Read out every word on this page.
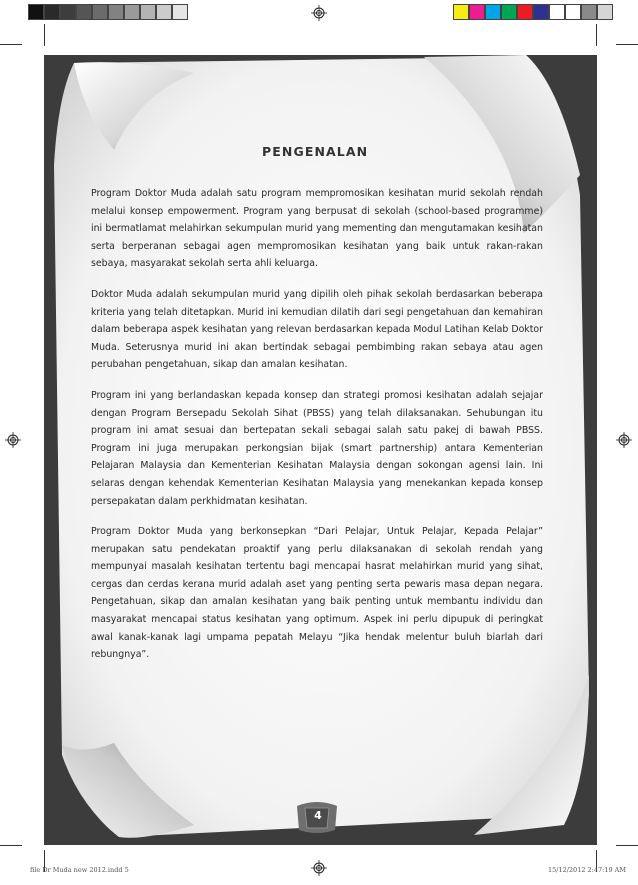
PENGENALAN

Program Doktor Muda adalah satu program mempromosikan kesihatan murid sekolah rendah melalui konsep empowerment. Program yang berpusat di sekolah (school-based programme) ini bermatlamat melahirkan sekumpulan murid yang mementing dan mengutamakan kesihatan serta berperanan sebagai agen mempromosikan kesihatan yang baik untuk rakan-rakan sebaya, masyarakat sekolah serta ahli keluarga.

Doktor Muda adalah sekumpulan murid yang dipilih oleh pihak sekolah berdasarkan beberapa kriteria yang telah ditetapkan. Murid ini kemudian dilatih dari segi pengetahuan dan kemahiran dalam beberapa aspek kesihatan yang relevan berdasarkan kepada Modul Latihan Kelab Doktor Muda. Seterusnya murid ini akan bertindak sebagai pembimbing rakan sebaya atau agen perubahan pengetahuan, sikap dan amalan kesihatan.

Program ini yang berlandaskan kepada konsep dan strategi promosi kesihatan adalah sejajar dengan Program Bersepadu Sekolah Sihat (PBSS) yang telah dilaksanakan. Sehubungan itu program ini amat sesuai dan bertepatan sekali sebagai salah satu pakej di bawah PBSS. Program ini juga merupakan perkongsian bijak (smart partnership) antara Kementerian Pelajaran Malaysia dan Kementerian Kesihatan Malaysia dengan sokongan agensi lain. Ini selaras dengan kehendak Kementerian Kesihatan Malaysia yang menekankan kepada konsep persepakatan dalam perkhidmatan kesihatan.

Program Doktor Muda yang berkonsepkan “Dari Pelajar, Untuk Pelajar, Kepada Pelajar” merupakan satu pendekatan proaktif yang perlu dilaksanakan di sekolah rendah yang mempunyai masalah kesihatan tertentu bagi mencapai hasrat melahirkan murid yang sihat, cergas dan cerdas kerana murid adalah aset yang penting serta pewaris masa depan negara. Pengetahuan, sikap dan amalan kesihatan yang baik penting untuk membantu individu dan masyarakat mencapai status kesihatan yang optimum. Aspek ini perlu dipupuk di peringkat awal kanak-kanak lagi umpama pepatah Melayu “Jika hendak melentur buluh biarlah dari rebungnya”.

4
file Dr Muda new 2012.indd 5	15/12/2012 2:47:19 AM
